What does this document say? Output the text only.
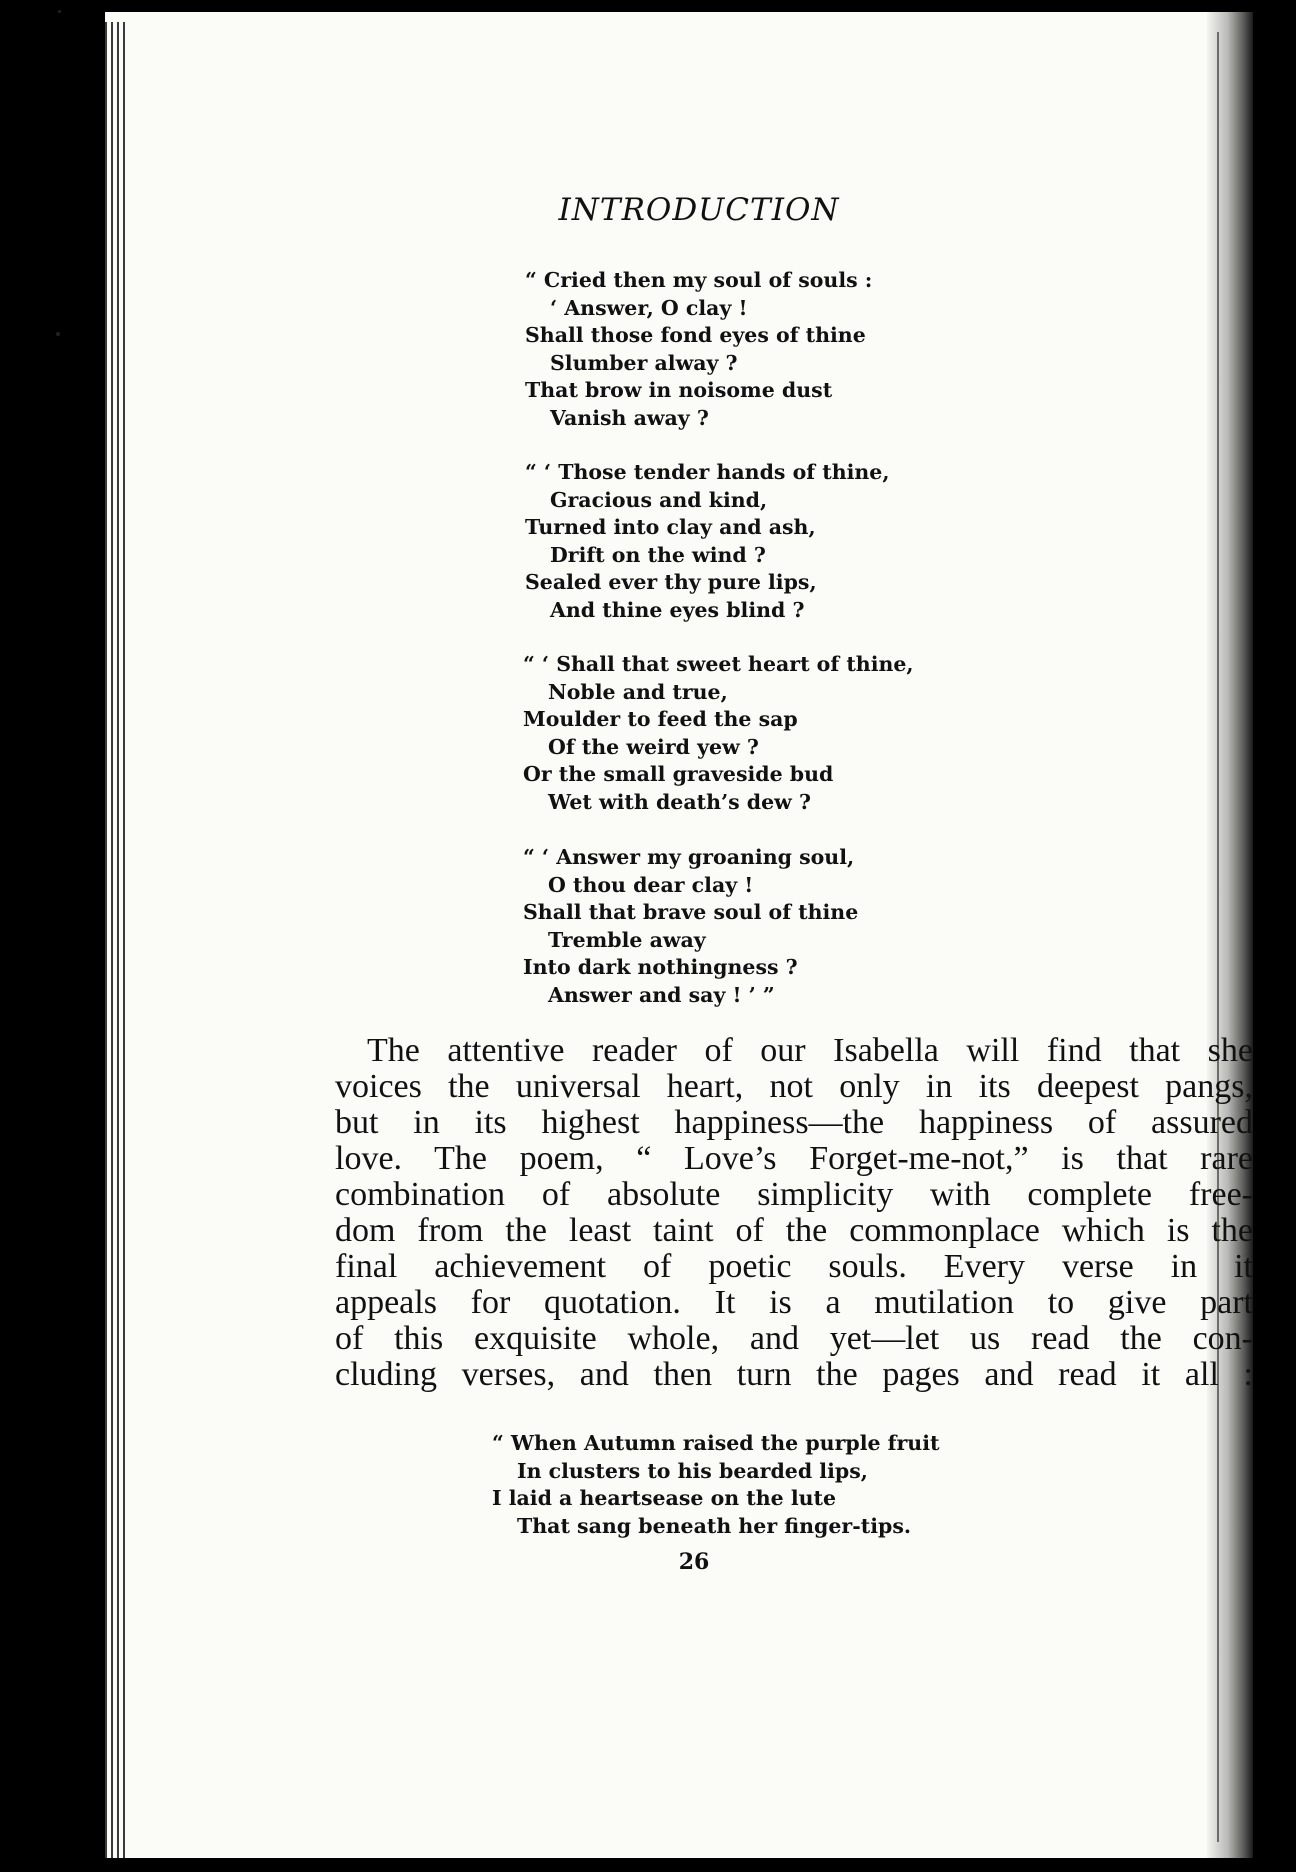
INTRODUCTION
“ Cried then my soul of souls :
‘ Answer, O clay !
Shall those fond eyes of thine
Slumber alway ?
That brow in noisome dust
Vanish away ?
“ ‘ Those tender hands of thine,
Gracious and kind,
Turned into clay and ash,
Drift on the wind ?
Sealed ever thy pure lips,
And thine eyes blind ?
“ ‘ Shall that sweet heart of thine,
Noble and true,
Moulder to feed the sap
Of the weird yew ?
Or the small graveside bud
Wet with death’s dew ?
“ ‘ Answer my groaning soul,
O thou dear clay !
Shall that brave soul of thine
Tremble away
Into dark nothingness ?
Answer and say ! ’ ”
The attentive reader of our Isabella will find that she
voices the universal heart, not only in its deepest pangs,
but in its highest happiness—the happiness of assured
love. The poem, “ Love’s Forget-me-not,” is that rare
combination of absolute simplicity with complete free-
dom from the least taint of the commonplace which is the
final achievement of poetic souls. Every verse in it
appeals for quotation. It is a mutilation to give part
of this exquisite whole, and yet—let us read the con-
cluding verses, and then turn the pages and read it all :
“ When Autumn raised the purple fruit
In clusters to his bearded lips,
I laid a heartsease on the lute
That sang beneath her finger-tips.
26
